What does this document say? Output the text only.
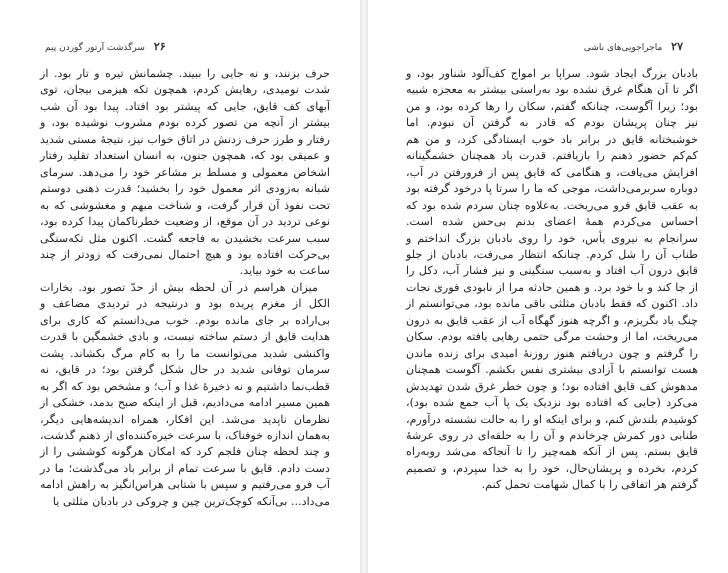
۲۶ سرگذشت آرتور گوردن پیم

حرف بزنند، و نه جایی را ببیند. چشمانش تیره و تار بود. از شدت نومیدی، رهایش کردم، همچون تکه هیزمی بیجان، توی آبهای کف قایق، جایی که پیشتر بود افتاد. پیدا بود آن شب بیشتر از آنچه من تصور کرده بودم مشروب نوشیده بود، و رفتار و طرز حرف زدنش در اتاق خواب نیز، نتیجهٔ مستی شدید و عمیقی بود که، همچون جنون، به انسان استعداد تقلید رفتار اشخاص معمولی و مسلط بر مشاعر خود را می‌دهد. سرمای شبانه به‌زودی اثر معمول خود را بخشید؛ قدرت ذهنی دوستم تحت نفوذ آن قرار گرفت، و شناخت مبهم و مغشوشی که به نوعی تردید در آن موقع، از وضعیت خطرناکمان پیدا کرده بود، سبب سرعت بخشیدن به فاجعه گشت. اکنون مثل تکه‌سنگی بی‌حرکت افتاده بود و هیچ احتمال نمی‌رفت که زودتر از چند ساعت به خود بیاید.

میزان هراسم در آن لحظه بیش از حدّ تصور بود. بخارات الکل از مغزم پریده بود و درنتیجه در تردیدی مضاعف و بی‌اراده بر جای مانده بودم. خوب می‌دانستم که کاری برای هدایت قایق از دستم ساخته نیست، و بادی خشمگین با قدرت واکنشی شدید می‌توانست ما را به کام مرگ بکشاند. پشت سرمان توفانی شدید در حال شکل گرفتن بود؛ در قایق، نه قطب‌نما داشتیم و نه ذخیرهٔ غذا و آب؛ و مشخص بود که اگر به همین مسیر ادامه می‌دادیم، قبل از اینکه صبح بدمد، خشکی از نظرمان ناپدید می‌شد. این افکار، همراه اندیشه‌هایی دیگر، به‌همان اندازه خوفناک، با سرعت خیره‌کننده‌ای از ذهنم گذشت، و چند لحظه چنان فلجم کرد که امکان هرگونه کوششی را از دست دادم. قایق با سرعت تمام از برابر باد می‌گذشت؛ ما در آب فرو می‌رفتیم و سپس با شتابی هراس‌انگیز به راهش ادامه می‌داد... بی‌آنکه کوچک‌ترین چین و چروکی در بادبان مثلثی یا

۲۷ ماجراجویی‌های ناشی

بادبان بزرگ ایجاد شود. سراپا بر امواج کف‌آلود شناور بود، و اگر تا آن هنگام غرق نشده بود به‌راستی بیشتر به معجزه شبیه بود؛ زیرا آگوست، چنانکه گفتم، سکان را رها کرده بود، و من نیز چنان پریشان بودم که قادر به گرفتن آن نبودم. اما خوشبختانه قایق در برابر باد خوب ایستادگی کرد، و من هم کم‌کم حضور ذهنم را بازیافتم. قدرت باد همچنان خشمگینانه افزایش می‌یافت، و هنگامی که قایق پس از فرورفتن در آب، دوباره سربرمی‌داشت، موجی که ما را سرتا پا درخود گرفته بود به عقب قایق فرو می‌ریخت. به‌علاوه چنان سردم شده بود که احساس می‌کردم همهٔ اعضای بدنم بی‌حس شده است. سرانجام به نیروی یأس، خود را روی بادبان بزرگ انداختم و طناب آن را شل کردم. چنانکه انتظار می‌رفت، بادبان از جلو قایق درون آب افتاد و به‌سبب سنگینی و نیز فشار آب، دکل را از جا کند و با خود برد. و همین حادثه مرا از نابودی فوری نجات داد. اکنون که فقط بادبان مثلثی باقی مانده بود، می‌توانستم از چنگ باد بگریزم، و اگرچه هنوز گهگاه آب از عقب قایق به درون می‌ریخت، اما از وحشت مرگی حتمی رهایی یافته بودم. سکان را گرفتم و چون دریافتم هنوز روزنهٔ امیدی برای زنده ماندن هست توانستم با آزادی بیشتری نفس بکشم. آگوست همچنان مدهوش کف قایق افتاده بود؛ و چون خطر غرق شدن تهدیدش می‌کرد (جایی که افتاده بود نزدیک یک پا آب جمع شده بود)، کوشیدم بلندش کنم، و برای اینکه او را به حالت نشسته درآورم، طنابی دور کمرش چرخاندم و آن را به حلقه‌ای در روی عرشهٔ قایق بستم. پس از آنکه همه‌چیز را تا آنجاکه می‌شد روبه‌راه کردم، بخرده و پریشان‌حال، خود را به خدا سپردم، و تصمیم گرفتم هر اتفاقی را با کمال شهامت تحمل کنم.
